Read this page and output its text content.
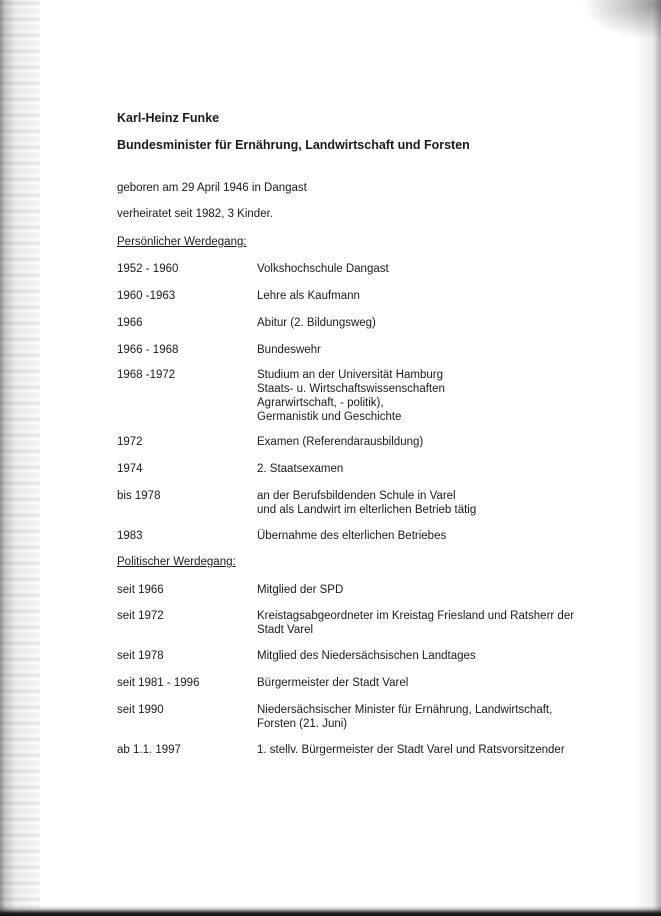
Karl-Heinz Funke
Bundesminister für Ernährung, Landwirtschaft und Forsten
geboren am 29 April 1946 in Dangast
verheiratet seit 1982, 3 Kinder.
Persönlicher Werdegang:
1952 - 1960	Volkshochschule Dangast
1960 -1963	Lehre als Kaufmann
1966	Abitur (2. Bildungsweg)
1966 - 1968	Bundeswehr
1968 -1972	Studium an der Universität Hamburg
Staats- u. Wirtschaftswissenschaften
Agrarwirtschaft, - politik),
Germanistik und Geschichte
1972	Examen (Referendarausbildung)
1974	2. Staatsexamen
bis 1978	an der Berufsbildenden Schule in Varel
und als Landwirt im elterlichen Betrieb tätig
1983	Übernahme des elterlichen Betriebes
Politischer Werdegang:
seit 1966	Mitglied der SPD
seit 1972	Kreistagsabgeordneter im Kreistag Friesland und Ratsherr der
Stadt Varel
seit 1978	Mitglied des Niedersächsischen Landtages
seit 1981 - 1996	Bürgermeister der Stadt Varel
seit 1990	Niedersächsischer Minister für Ernährung, Landwirtschaft,
Forsten (21. Juni)
ab 1.1. 1997	1. stellv. Bürgermeister der Stadt Varel und Ratsvorsitzender
